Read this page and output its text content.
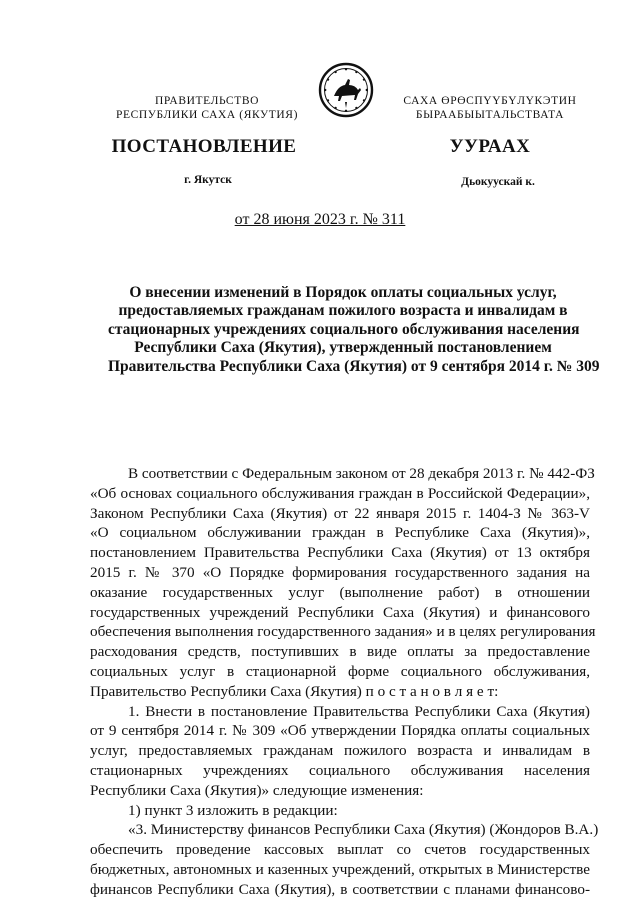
ПРАВИТЕЛЬСТВО
РЕСПУБЛИКИ САХА (ЯКУТИЯ)
САХА ӨРӨСПҮҮБҮЛҮКЭТИН
БЫРААБЫЫТАЛЬСТВАТА
ПОСТАНОВЛЕНИЕ	УУРААХ
г. Якутск	Дьокуускай к.
от 28 июня 2023 г. № 311
О внесении изменений в Порядок оплаты социальных услуг,
предоставляемых гражданам пожилого возраста и инвалидам в
стационарных учреждениях социального обслуживания населения
Республики Саха (Якутия), утвержденный постановлением
Правительства Республики Саха (Якутия) от 9 сентября 2014 г. № 309
В соответствии с Федеральным законом от 28 декабря 2013 г. № 442-ФЗ
«Об основах социального обслуживания граждан в Российской Федерации»,
Законом Республики Саха (Якутия) от 22 января 2015 г. 1404-З № 363-V
«О социальном обслуживании граждан в Республике Саха (Якутия)»,
постановлением Правительства Республики Саха (Якутия) от 13 октября
2015 г. № 370 «О Порядке формирования государственного задания на
оказание государственных услуг (выполнение работ) в отношении
государственных учреждений Республики Саха (Якутия) и финансового
обеспечения выполнения государственного задания» и в целях регулирования
расходования средств, поступивших в виде оплаты за предоставление
социальных услуг в стационарной форме социального обслуживания,
Правительство Республики Саха (Якутия) п о с т а н о в л я е т:
1. Внести в постановление Правительства Республики Саха (Якутия)
от 9 сентября 2014 г. № 309 «Об утверждении Порядка оплаты социальных
услуг, предоставляемых гражданам пожилого возраста и инвалидам в
стационарных учреждениях социального обслуживания населения
Республики Саха (Якутия)» следующие изменения:
1) пункт 3 изложить в редакции:
«3. Министерству финансов Республики Саха (Якутия) (Жондоров В.А.)
обеспечить проведение кассовых выплат со счетов государственных
бюджетных, автономных и казенных учреждений, открытых в Министерстве
финансов Республики Саха (Якутия), в соответствии с планами финансово-
